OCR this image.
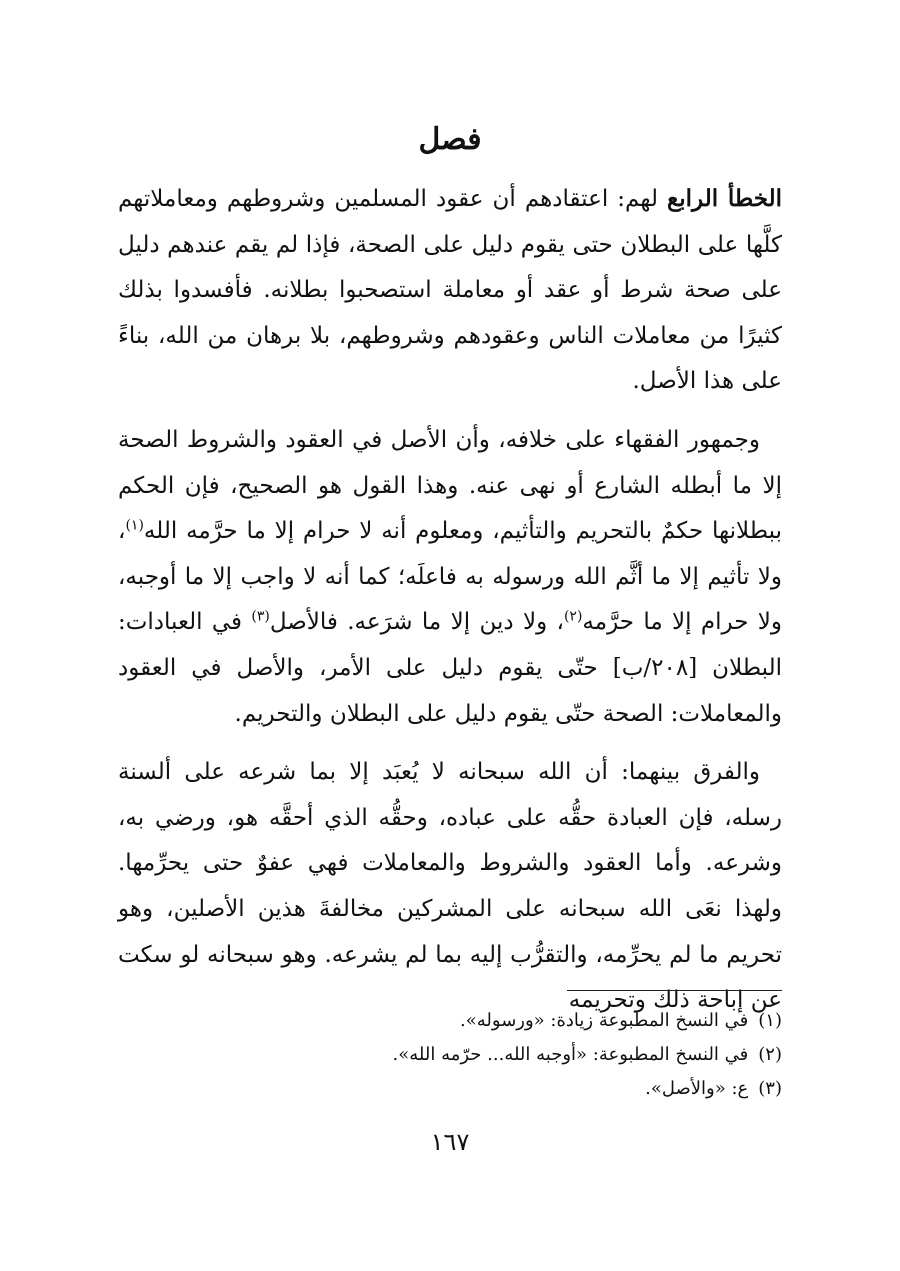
فصل

الخطأ الرابع لهم: اعتقادهم أن عقود المسلمين وشروطهم ومعاملاتهم كلَّها على البطلان حتى يقوم دليل على الصحة، فإذا لم يقم عندهم دليل على صحة شرط أو عقد أو معاملة استصحبوا بطلانه. فأفسدوا بذلك كثيرًا من معاملات الناس وعقودهم وشروطهم، بلا برهان من الله، بناءً على هذا الأصل.

وجمهور الفقهاء على خلافه، وأن الأصل في العقود والشروط الصحة إلا ما أبطله الشارع أو نهى عنه. وهذا القول هو الصحيح، فإن الحكم ببطلانها حكمٌ بالتحريم والتأثيم، ومعلوم أنه لا حرام إلا ما حرَّمه الله$^{(١)}$، ولا تأثيم إلا ما أثَّم الله ورسوله به فاعلَه؛ كما أنه لا واجب إلا ما أوجبه، ولا حرام إلا ما حرَّمه$^{(٢)}$، ولا دين إلا ما شرَعه. فالأصل$^{(٣)}$ في العبادات: البطلان [٢٠٨/ب] حتّى يقوم دليل على الأمر، والأصل في العقود والمعاملات: الصحة حتّى يقوم دليل على البطلان والتحريم.

والفرق بينهما: أن الله سبحانه لا يُعبَد إلا بما شرعه على ألسنة رسله، فإن العبادة حقُّه على عباده، وحقُّه الذي أحقَّه هو، ورضي به، وشرعه. وأما العقود والشروط والمعاملات فهي عفوٌ حتى يحرِّمها. ولهذا نعَى الله سبحانه على المشركين مخالفةَ هذين الأصلين، وهو تحريم ما لم يحرِّمه، والتقرُّب إليه بما لم يشرعه. وهو سبحانه لو سكت عن إباحة ذلك وتحريمه

(١)في النسخ المطبوعة زيادة: «ورسوله».
(٢)في النسخ المطبوعة: «أوجبه الله... حرّمه الله».
(٣)ع: «والأصل».
١٦٧
